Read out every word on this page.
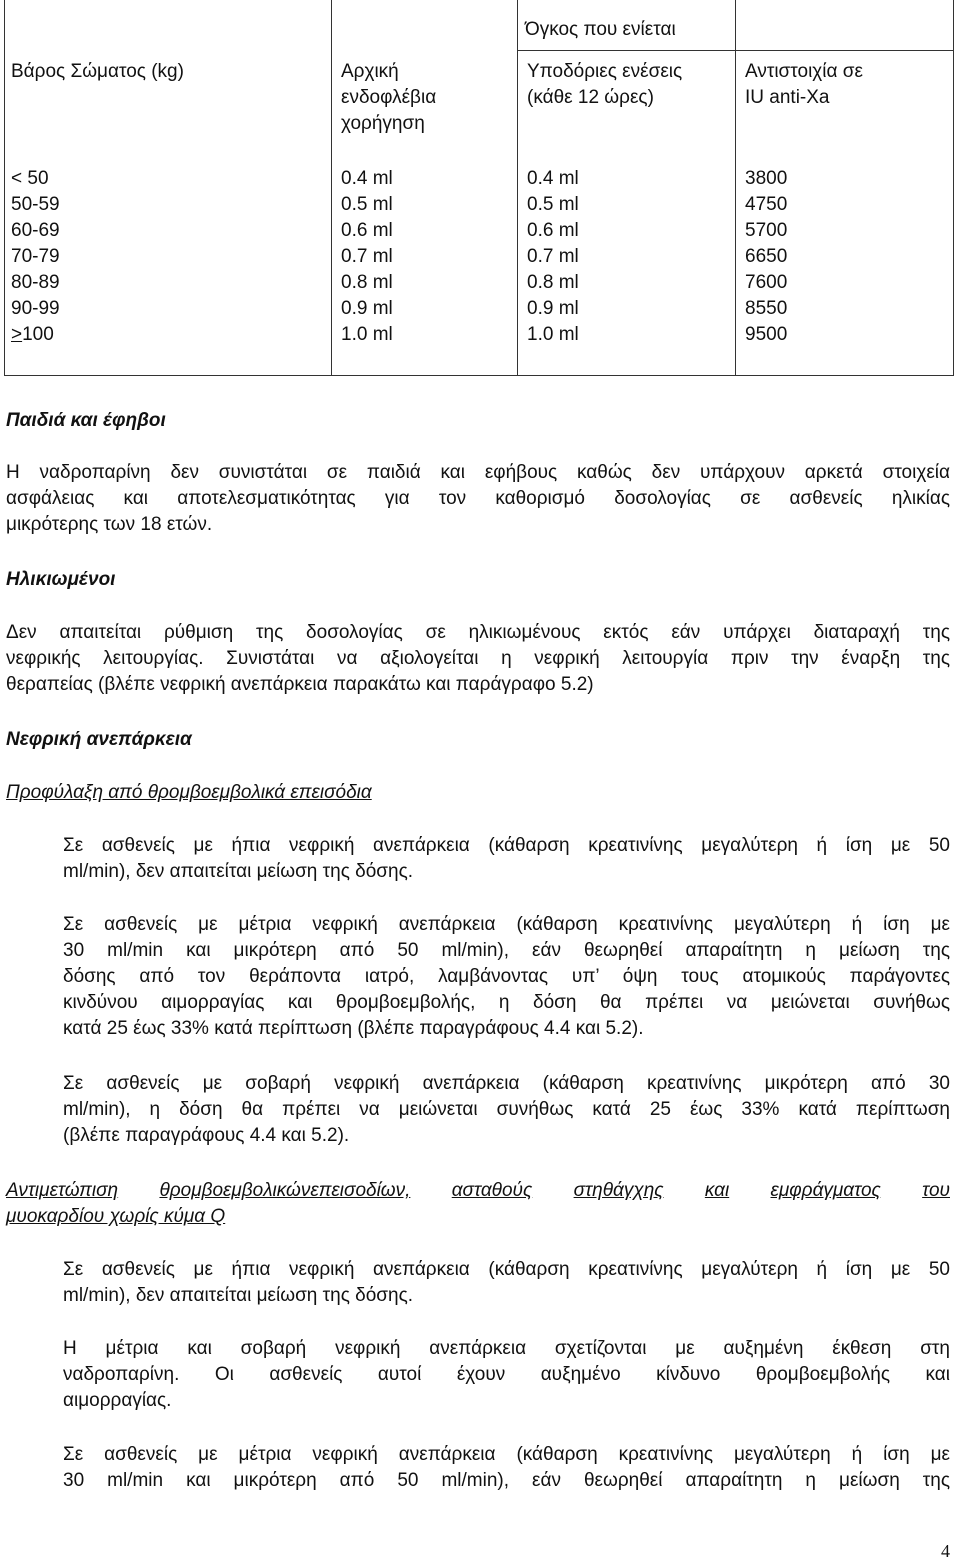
Όγκος που ενίεται
Βάρος Σώματος (kg)	Αρχική
ενδοφλέβια
χορήγηση
Υποδόριες ενέσεις
(κάθε 12 ώρες)
Αντιστοιχία σε
IU anti-Xa
< 50
50-59
60-69
70-79
80-89
90-99
≥100
0.4 ml
0.5 ml
0.6 ml
0.7 ml
0.8 ml
0.9 ml
1.0 ml
0.4 ml
0.5 ml
0.6 ml
0.7 ml
0.8 ml
0.9 ml
1.0 ml
3800
4750
5700
6650
7600
8550
9500
Παιδιά και έφηβοι
Η ναδροπαρίνη δεν συνιστάται σε παιδιά και εφήβους καθώς δεν υπάρχουν αρκετά στοιχεία
ασφάλειας και αποτελεσματικότητας για τον καθορισμό δοσολογίας σε ασθενείς ηλικίας
μικρότερης των 18 ετών.
Ηλικιωμένοι
Δεν απαιτείται ρύθμιση της δοσολογίας σε ηλικιωμένους εκτός εάν υπάρχει διαταραχή της
νεφρικής λειτουργίας. Συνιστάται να αξιολογείται η νεφρική λειτουργία πριν την έναρξη της
θεραπείας (βλέπε νεφρική ανεπάρκεια παρακάτω και παράγραφο 5.2)
Νεφρική ανεπάρκεια
Προφύλαξη από θρομβοεμβολικά επεισόδια
Σε ασθενείς με ήπια νεφρική ανεπάρκεια (κάθαρση κρεατινίνης μεγαλύτερη ή ίση με 50
ml/min), δεν απαιτείται μείωση της δόσης.
Σε ασθενείς με μέτρια νεφρική ανεπάρκεια (κάθαρση κρεατινίνης μεγαλύτερη ή ίση με
30 ml/min και μικρότερη από 50 ml/min), εάν θεωρηθεί απαραίτητη η μείωση της
δόσης από τον θεράποντα ιατρό, λαμβάνοντας υπ’ όψη τους ατομικούς παράγοντες
κινδύνου αιμορραγίας και θρομβοεμβολής, η δόση θα πρέπει να μειώνεται συνήθως
κατά 25 έως 33% κατά περίπτωση (βλέπε παραγράφους 4.4 και 5.2).
Σε ασθενείς με σοβαρή νεφρική ανεπάρκεια (κάθαρση κρεατινίνης μικρότερη από 30
ml/min), η δόση θα πρέπει να μειώνεται συνήθως κατά 25 έως 33% κατά περίπτωση
(βλέπε παραγράφους 4.4 και 5.2).
Αντιμετώπιση θρομβοεμβολικώνεπεισοδίων, ασταθούς στηθάγχης και εμφράγματος του
μυοκαρδίου χωρίς κύμα Q
Σε ασθενείς με ήπια νεφρική ανεπάρκεια (κάθαρση κρεατινίνης μεγαλύτερη ή ίση με 50
ml/min), δεν απαιτείται μείωση της δόσης.
Η μέτρια και σοβαρή νεφρική ανεπάρκεια σχετίζονται με αυξημένη έκθεση στη
ναδροπαρίνη. Οι ασθενείς αυτοί έχουν αυξημένο κίνδυνο θρομβοεμβολής και
αιμορραγίας.
Σε ασθενείς με μέτρια νεφρική ανεπάρκεια (κάθαρση κρεατινίνης μεγαλύτερη ή ίση με
30 ml/min και μικρότερη από 50 ml/min), εάν θεωρηθεί απαραίτητη η μείωση της
4
